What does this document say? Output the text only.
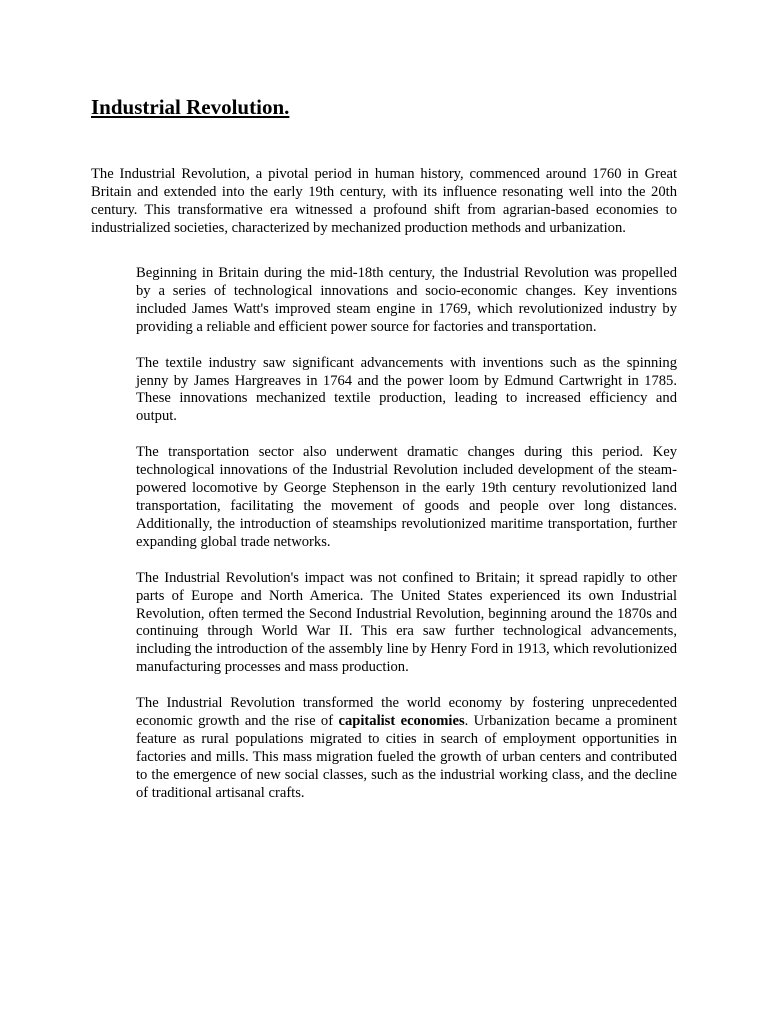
Industrial Revolution.

The Industrial Revolution, a pivotal period in human history, commenced around 1760 in Great Britain and extended into the early 19th century, with its influence resonating well into the 20th century. This transformative era witnessed a profound shift from agrarian-based economies to industrialized societies, characterized by mechanized production methods and urbanization.

Beginning in Britain during the mid-18th century, the Industrial Revolution was propelled by a series of technological innovations and socio-economic changes. Key inventions included James Watt's improved steam engine in 1769, which revolutionized industry by providing a reliable and efficient power source for factories and transportation.

The textile industry saw significant advancements with inventions such as the spinning jenny by James Hargreaves in 1764 and the power loom by Edmund Cartwright in 1785. These innovations mechanized textile production, leading to increased efficiency and output.

The transportation sector also underwent dramatic changes during this period. Key technological innovations of the Industrial Revolution included development of the steam-powered locomotive by George Stephenson in the early 19th century revolutionized land transportation, facilitating the movement of goods and people over long distances. Additionally, the introduction of steamships revolutionized maritime transportation, further expanding global trade networks.

The Industrial Revolution's impact was not confined to Britain; it spread rapidly to other parts of Europe and North America. The United States experienced its own Industrial Revolution, often termed the Second Industrial Revolution, beginning around the 1870s and continuing through World War II. This era saw further technological advancements, including the introduction of the assembly line by Henry Ford in 1913, which revolutionized manufacturing processes and mass production.

The Industrial Revolution transformed the world economy by fostering unprecedented economic growth and the rise of capitalist economies. Urbanization became a prominent feature as rural populations migrated to cities in search of employment opportunities in factories and mills. This mass migration fueled the growth of urban centers and contributed to the emergence of new social classes, such as the industrial working class, and the decline of traditional artisanal crafts.
